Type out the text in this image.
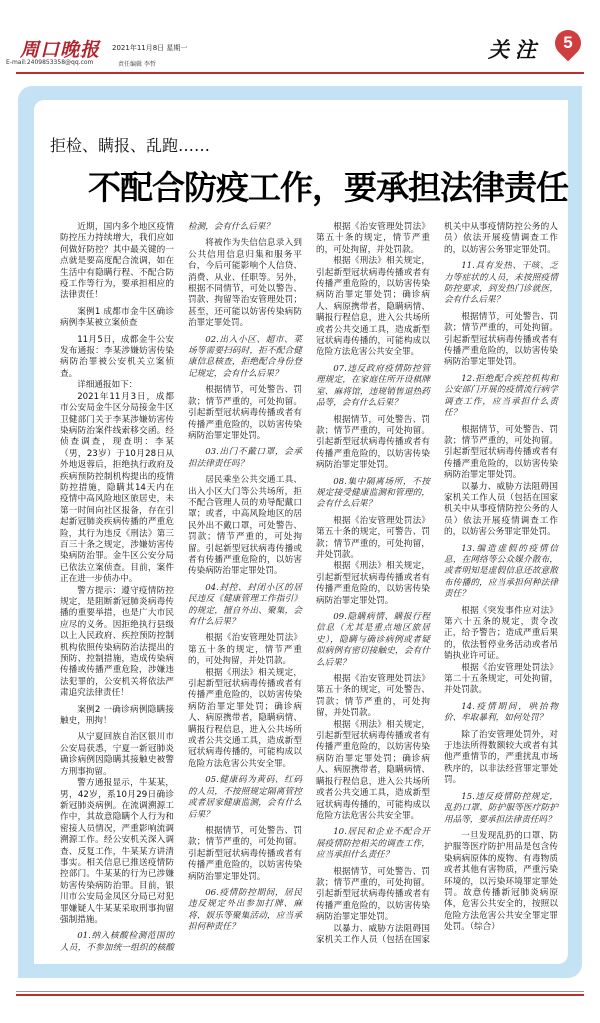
周口晚报 2021年11月8日 星期一
E-mail:2409853358@qq.com	责任编辑 李哲
关注	5
拒检、瞒报、乱跑……
不配合防疫工作，要承担法律责任

近期，国内多个地区疫情防控压力持续增大，我们应如何做好防控？其中最关键的一点就是要高度配合流调，如在生活中有隐瞒行程、不配合防疫工作等行为，要承担相应的法律责任！

案例1 成都市金牛区确诊病例李某被立案侦查

11月5日，成都金牛公安发布通报：李某涉嫌妨害传染病防治罪被公安机关立案侦查。

详细通报如下：

2021年11月3日，成都市公安局金牛区分局接金牛区卫健部门关于李某涉嫌妨害传染病防治案件线索移交函。经侦查调查，现查明：李某（男，23岁）于10月28日从外地返蓉后，拒绝执行政府及疾病预防控制机构提出的疫情防控措施，隐瞒其14天内在疫情中高风险地区旅居史，未第一时间向社区报备，存在引起新冠肺炎疾病传播的严重危险，其行为违反《刑法》第三百三十条之规定，涉嫌妨害传染病防治罪。金牛区公安分局已依法立案侦查。目前，案件正在进一步侦办中。

警方提示：遵守疫情防控规定，是阻断新冠肺炎病毒传播的重要举措，也是广大市民应尽的义务。因拒绝执行县级以上人民政府、疾控预防控制机构依照传染病防治法提出的预防、控制措施，造成传染病传播或传播严重危险，涉嫌违法犯罪的，公安机关将依法严肃追究法律责任！

案例2 一确诊病例隐瞒接触史，刑拘！

从宁夏回族自治区银川市公安局获悉，宁夏一新冠肺炎确诊病例因隐瞒其接触史被警方刑事拘留。

警方通报显示，牛某某，男，42岁，系10月29日确诊新冠肺炎病例。在流调溯源工作中，其故意隐瞒个人行为和密接人员情况，严重影响流调溯源工作。经公安机关深入调查、反复工作，牛某某方讲清事实。相关信息已推送疫情防控部门。牛某某的行为已涉嫌妨害传染病防治罪。目前，银川市公安局金凤区分局已对犯罪嫌疑人牛某某采取刑事拘留强制措施。

01.纳入核酸检测范围的人员，不参加统一组织的核酸检测，会有什么后果？

将被作为失信信息录入到公共信用信息归集和服务平台，今后可能影响个人信贷、消费、从业、任职等。另外，根据不同情节，可处以警告、罚款、拘留等治安管理处罚；甚至，还可能以妨害传染病防治罪定罪处罚。

02.出入小区、超市、菜场等需要扫码时，拒不配合健康信息核查，拒绝配合身份登记规定，会有什么后果？

根据情节，可处警告、罚款；情节严重的，可处拘留。引起新型冠状病毒传播或者有传播严重危险的，以妨害传染病防治罪定罪处罚。

03.出门不戴口罩，会承担法律责任吗？

居民乘坐公共交通工具、出入小区大门等公共场所，拒不配合管理人员的劝导配戴口罩；或者，中高风险地区的居民外出不戴口罩，可处警告、罚款；情节严重的，可处拘留。引起新型冠状病毒传播或者有传播严重危险的，以妨害传染病防治罪定罪处罚。

04.封控、封闭小区的居民违反《健康管理工作指引》的规定，擅自外出、聚集，会有什么后果？

根据《治安管理处罚法》第五十条的规定，情节严重的，可处拘留，并处罚款。

根据《刑法》相关规定，引起新型冠状病毒传播或者有传播严重危险的，以妨害传染病防治罪定罪处罚；确诊病人、病原携带者，隐瞒病情、瞒报行程信息，进入公共场所或者公共交通工具，造成新型冠状病毒传播的，可能构成以危险方法危害公共安全罪。

05.健康码为黄码、红码的人员，不按照规定隔离管控或者居家健康监测，会有什么后果？

根据情节，可处警告、罚款；情节严重的，可处拘留。引起新型冠状病毒传播或者有传播严重危险的，以妨害传染病防治罪定罪处罚。

06.疫情防控期间，居民违反规定外出参加打牌、麻将、娱乐等聚集活动，应当承担何种责任？

根据《治安管理处罚法》第五十条的规定，情节严重的，可处拘留，并处罚款。

根据《刑法》相关规定，引起新型冠状病毒传播或者有传播严重危险的，以妨害传染病防治罪定罪处罚；确诊病人、病原携带者，隐瞒病情、瞒报行程信息，进入公共场所或者公共交通工具，造成新型冠状病毒传播的，可能构成以危险方法危害公共安全罪。

07.违反政府疫情防控管理规定，在家庭住所开设棋牌室、麻将馆，违规销售退热药品等，会有什么后果？

根据情节，可处警告、罚款；情节严重的，可处拘留。引起新型冠状病毒传播或者有传播严重危险的，以妨害传染病防治罪定罪处罚。

08.集中隔离场所，不按规定接受健康监测和管理的，会有什么后果？

根据《治安管理处罚法》第五十条的规定，可警告、罚款；情节严重的，可处拘留，并处罚款。

根据《刑法》相关规定，引起新型冠状病毒传播或者有传播严重危险的，以妨害传染病防治罪定罪处罚。

09.隐瞒病情、瞒报行程信息（尤其是重点地区旅居史），隐瞒与确诊病例或者疑似病例有密切接触史，会有什么后果？

根据《治安管理处罚法》第五十条的规定，可处警告、罚款；情节严重的，可处拘留，并处罚款。

根据《刑法》相关规定，引起新型冠状病毒传播或者有传播严重危险的，以妨害传染病防治罪定罪处罚；确诊病人、病原携带者，隐瞒病情、瞒报行程信息，进入公共场所或者公共交通工具，造成新型冠状病毒传播的，可能构成以危险方法危害公共安全罪。

10.居民和企业不配合开展疫情防控相关的调查工作，应当承担什么责任？

根据情节，可处警告、罚款；情节严重的，可处拘留。引起新型冠状病毒传播或者有传播严重危险的，以妨害传染病防治罪定罪处罚。

以暴力、威胁方法阻碍国家机关工作人员（包括在国家机关中从事疫情防控公务的人员）依法开展疫情调查工作的，以妨害公务罪定罪处罚。

11.具有发热、干咳、乏力等症状的人员，未按照疫情防控要求，到发热门诊就医，会有什么后果？

根据情节，可处警告、罚款；情节严重的，可处拘留。引起新型冠状病毒传播或者有传播严重危险的，以妨害传染病防治罪定罪处罚。

12.拒绝配合疾控机构和公安部门开展的疫情流行病学调查工作，应当承担什么责任？

根据情节，可处警告、罚款；情节严重的，可处拘留。引起新型冠状病毒传播或者有传播严重危险的，以妨害传染病防治罪定罪处罚。

以暴力、威胁方法阻碍国家机关工作人员（包括在国家机关中从事疫情防控公务的人员）依法开展疫情调查工作的，以妨害公务罪定罪处罚。

13.编造虚假的疫情信息，在网络等公众媒介散布，或者明知是虚假信息还故意散布传播的，应当承担何种法律责任？

根据《突发事件应对法》第六十五条的规定，责令改正，给予警告；造成严重后果的，依法暂停业务活动或者吊销执业许可证。

根据《治安管理处罚法》第二十五条规定，可处拘留，并处罚款。

14.疫情期间，哄抬物价、牟取暴利，如何处罚？

除了治安管理处罚外，对于违法所得数额较大或者有其他严重情节的，严重扰乱市场秩序的，以非法经营罪定罪处罚。

15.违反疫情防控规定，乱扔口罩、防护服等医疗防护用品等，要承担法律责任吗？

一旦发现乱扔的口罩、防护服等医疗防护用品是包含传染病病原体的废物、有毒物质或者其他有害物质，严重污染环境的，以污染环境罪定罪处罚。故意传播新冠肺炎病原体，危害公共安全的，按照以危险方法危害公共安全罪定罪处罚。（综合）
